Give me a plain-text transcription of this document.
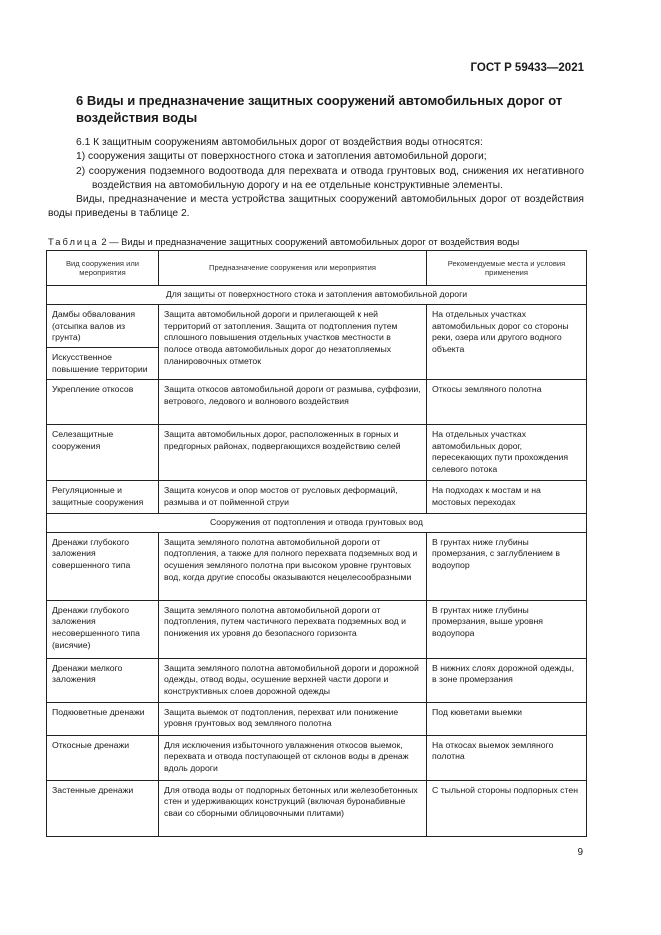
ГОСТ Р 59433—2021
6 Виды и предназначение защитных сооружений автомобильных дорог от воздействия воды

6.1 К защитным сооружениям автомобильных дорог от воздействия воды относятся:

1) сооружения защиты от поверхностного стока и затопления автомобильной дороги;

2) сооружения подземного водоотвода для перехвата и отвода грунтовых вод, снижения их негативного воздействия на автомобильную дорогу и на ее отдельные конструктивные элементы.

Виды, предназначение и места устройства защитных сооружений автомобильных дорог от воздействия воды приведены в таблице 2.

Таблица 2 — Виды и предназначение защитных сооружений автомобильных дорог от воздействия воды
Вид сооружения или мероприятия	Предназначение сооружения или мероприятия	Рекомендуемые места и условия применения
Для защиты от поверхностного стока и затопления автомобильной дороги		
Дамбы обвалования (отсыпка валов из грунта)	Защита автомобильной дороги и прилегающей к ней территорий от затопления. Защита от подтопления путем сплошного повышения отдельных участков местности в полосе отвода автомобильных дорог до незатопляемых планировочных отметок	На отдельных участках автомобильных дорог со стороны реки, озера или другого водного объекта
Искусственное повышение территории		
Укрепление откосов	Защита откосов автомобильной дороги от размыва, суффозии, ветрового, ледового и волнового воздействия	Откосы земляного полотна
Селезащитные сооружения	Защита автомобильных дорог, расположенных в горных и предгорных районах, подвергающихся воздействию селей	На отдельных участках автомобильных дорог, пересекающих пути прохождения селевого потока
Регуляционные и защитные сооружения	Защита конусов и опор мостов от русловых деформаций, размыва и от пойменной струи	На подходах к мостам и на мостовых переходах
Сооружения от подтопления и отвода грунтовых вод		
Дренажи глубокого заложения совершенного типа	Защита земляного полотна автомобильной дороги от подтопления, а также для полного перехвата подземных вод и осушения земляного полотна при высоком уровне грунтовых вод, когда другие способы оказываются нецелесообразными	В грунтах ниже глубины промерзания, с заглублением в водоупор
Дренажи глубокого заложения несовершенного типа (висячие)	Защита земляного полотна автомобильной дороги от подтопления, путем частичного перехвата подземных вод и понижения их уровня до безопасного горизонта	В грунтах ниже глубины промерзания, выше уровня водоупора
Дренажи мелкого заложения	Защита земляного полотна автомобильной дороги и дорожной одежды, отвод воды, осушение верхней части дороги и конструктивных слоев дорожной одежды	В нижних слоях дорожной одежды, в зоне промерзания
Подкюветные дренажи	Защита выемок от подтопления, перехват или понижение уровня грунтовых вод земляного полотна	Под кюветами выемки
Откосные дренажи	Для исключения избыточного увлажнения откосов выемок, перехвата и отвода поступающей от склонов воды в дренаж вдоль дороги	На откосах выемок земляного полотна
Застенные дренажи	Для отвода воды от подпорных бетонных или железобетонных стен и удерживающих конструкций (включая буронабивные сваи со сборными облицовочными плитами)	С тыльной стороны подпорных стен
9
